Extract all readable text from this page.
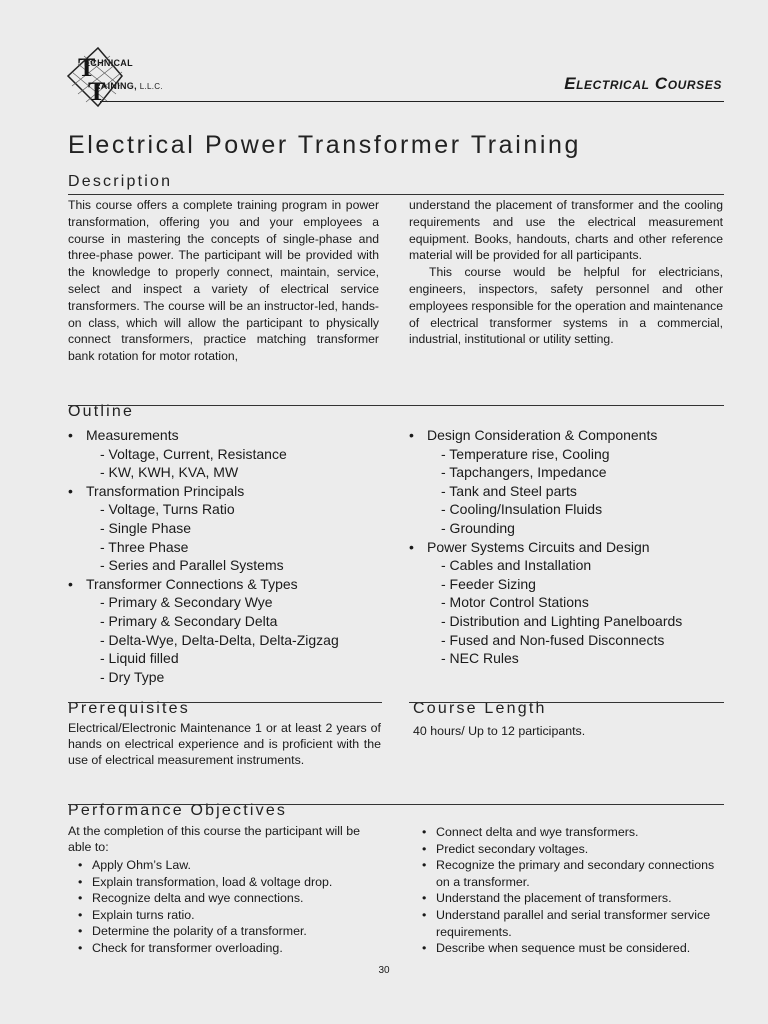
T
T
ECHNICAL
RAINING, L.L.C.	Electrical Courses
Electrical Power Transformer Training
Description
This course offers a complete training program in power transformation, offering you and your employees a course in mastering the concepts of single-phase and three-phase power. The participant will be provided with the knowledge to properly connect, maintain, service, select and inspect a variety of electrical service transformers. The course will be an instructor-led, hands-on class, which will allow the participant to physically connect transformers, practice matching transformer bank rotation for motor rotation,
understand the placement of transformer and the cooling requirements and use the electrical measurement equipment. Books, handouts, charts and other reference material will be provided for all participants.
This course would be helpful for electricians, engineers, inspectors, safety personnel and other employees responsible for the operation and maintenance of electrical transformer systems in a commercial, industrial, institutional or utility setting.
Outline
• Measurements
- Voltage, Current, Resistance
- KW, KWH, KVA, MW
• Transformation Principals
- Voltage, Turns Ratio
- Single Phase
- Three Phase
- Series and Parallel Systems
• Transformer Connections & Types
- Primary & Secondary Wye
- Primary & Secondary Delta
- Delta-Wye, Delta-Delta, Delta-Zigzag
- Liquid filled
- Dry Type
• Design Consideration & Components
- Temperature rise, Cooling
- Tapchangers, Impedance
- Tank and Steel parts
- Cooling/Insulation Fluids
- Grounding
• Power Systems Circuits and Design
- Cables and Installation
- Feeder Sizing
- Motor Control Stations
- Distribution and Lighting Panelboards
- Fused and Non-fused Disconnects
- NEC Rules
Prerequisites
Electrical/Electronic Maintenance 1 or at least 2 years of hands on electrical experience and is proficient with the use of electrical measurement instruments.
Course Length
40 hours/ Up to 12 participants.
Performance Objectives
At the completion of this course the participant will be able to:
• Apply Ohm’s Law.
• Explain transformation, load & voltage drop.
• Recognize delta and wye connections.
• Explain turns ratio.
• Determine the polarity of a transformer.
• Check for transformer overloading.
• Connect delta and wye transformers.
• Predict secondary voltages.
• Recognize the primary and secondary connections on a transformer.
• Understand the placement of transformers.
• Understand parallel and serial transformer service requirements.
• Describe when sequence must be considered.
30
